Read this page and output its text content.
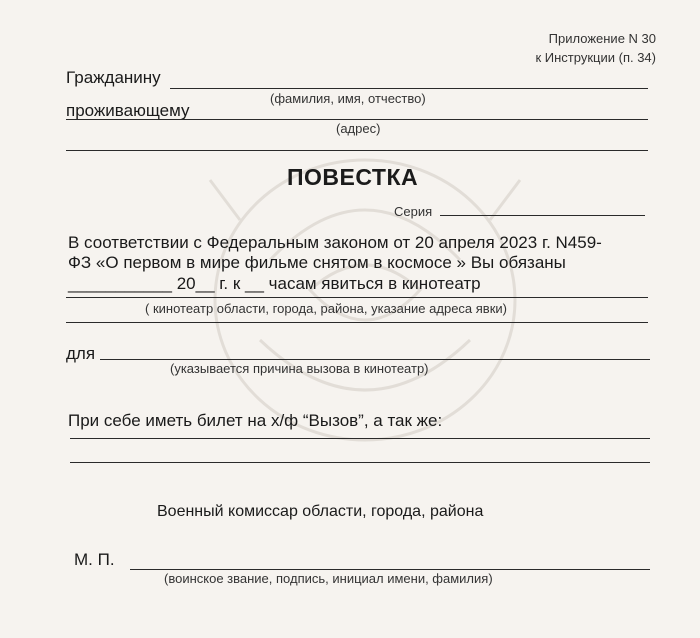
Приложение N 30
к Инструкции (п. 34)
Гражданину
(фамилия, имя, отчество)
проживающему
(адрес)
ПОВЕСТКА
Серия
В соответствии с Федеральным законом от 20 апреля 2023 г. N459-
ФЗ «О первом в мире фильме снятом в космосе » Вы обязаны
___________ 20__ г. к __ часам явиться в кинотеатр
( кинотеатр области, города, района, указание адреса явки)
для
(указывается причина вызова в кинотеатр)
При себе иметь билет на х/ф “Вызов”, а так же:
Военный комиссар области, города, района
М. П.
(воинское звание, подпись, инициал имени, фамилия)
